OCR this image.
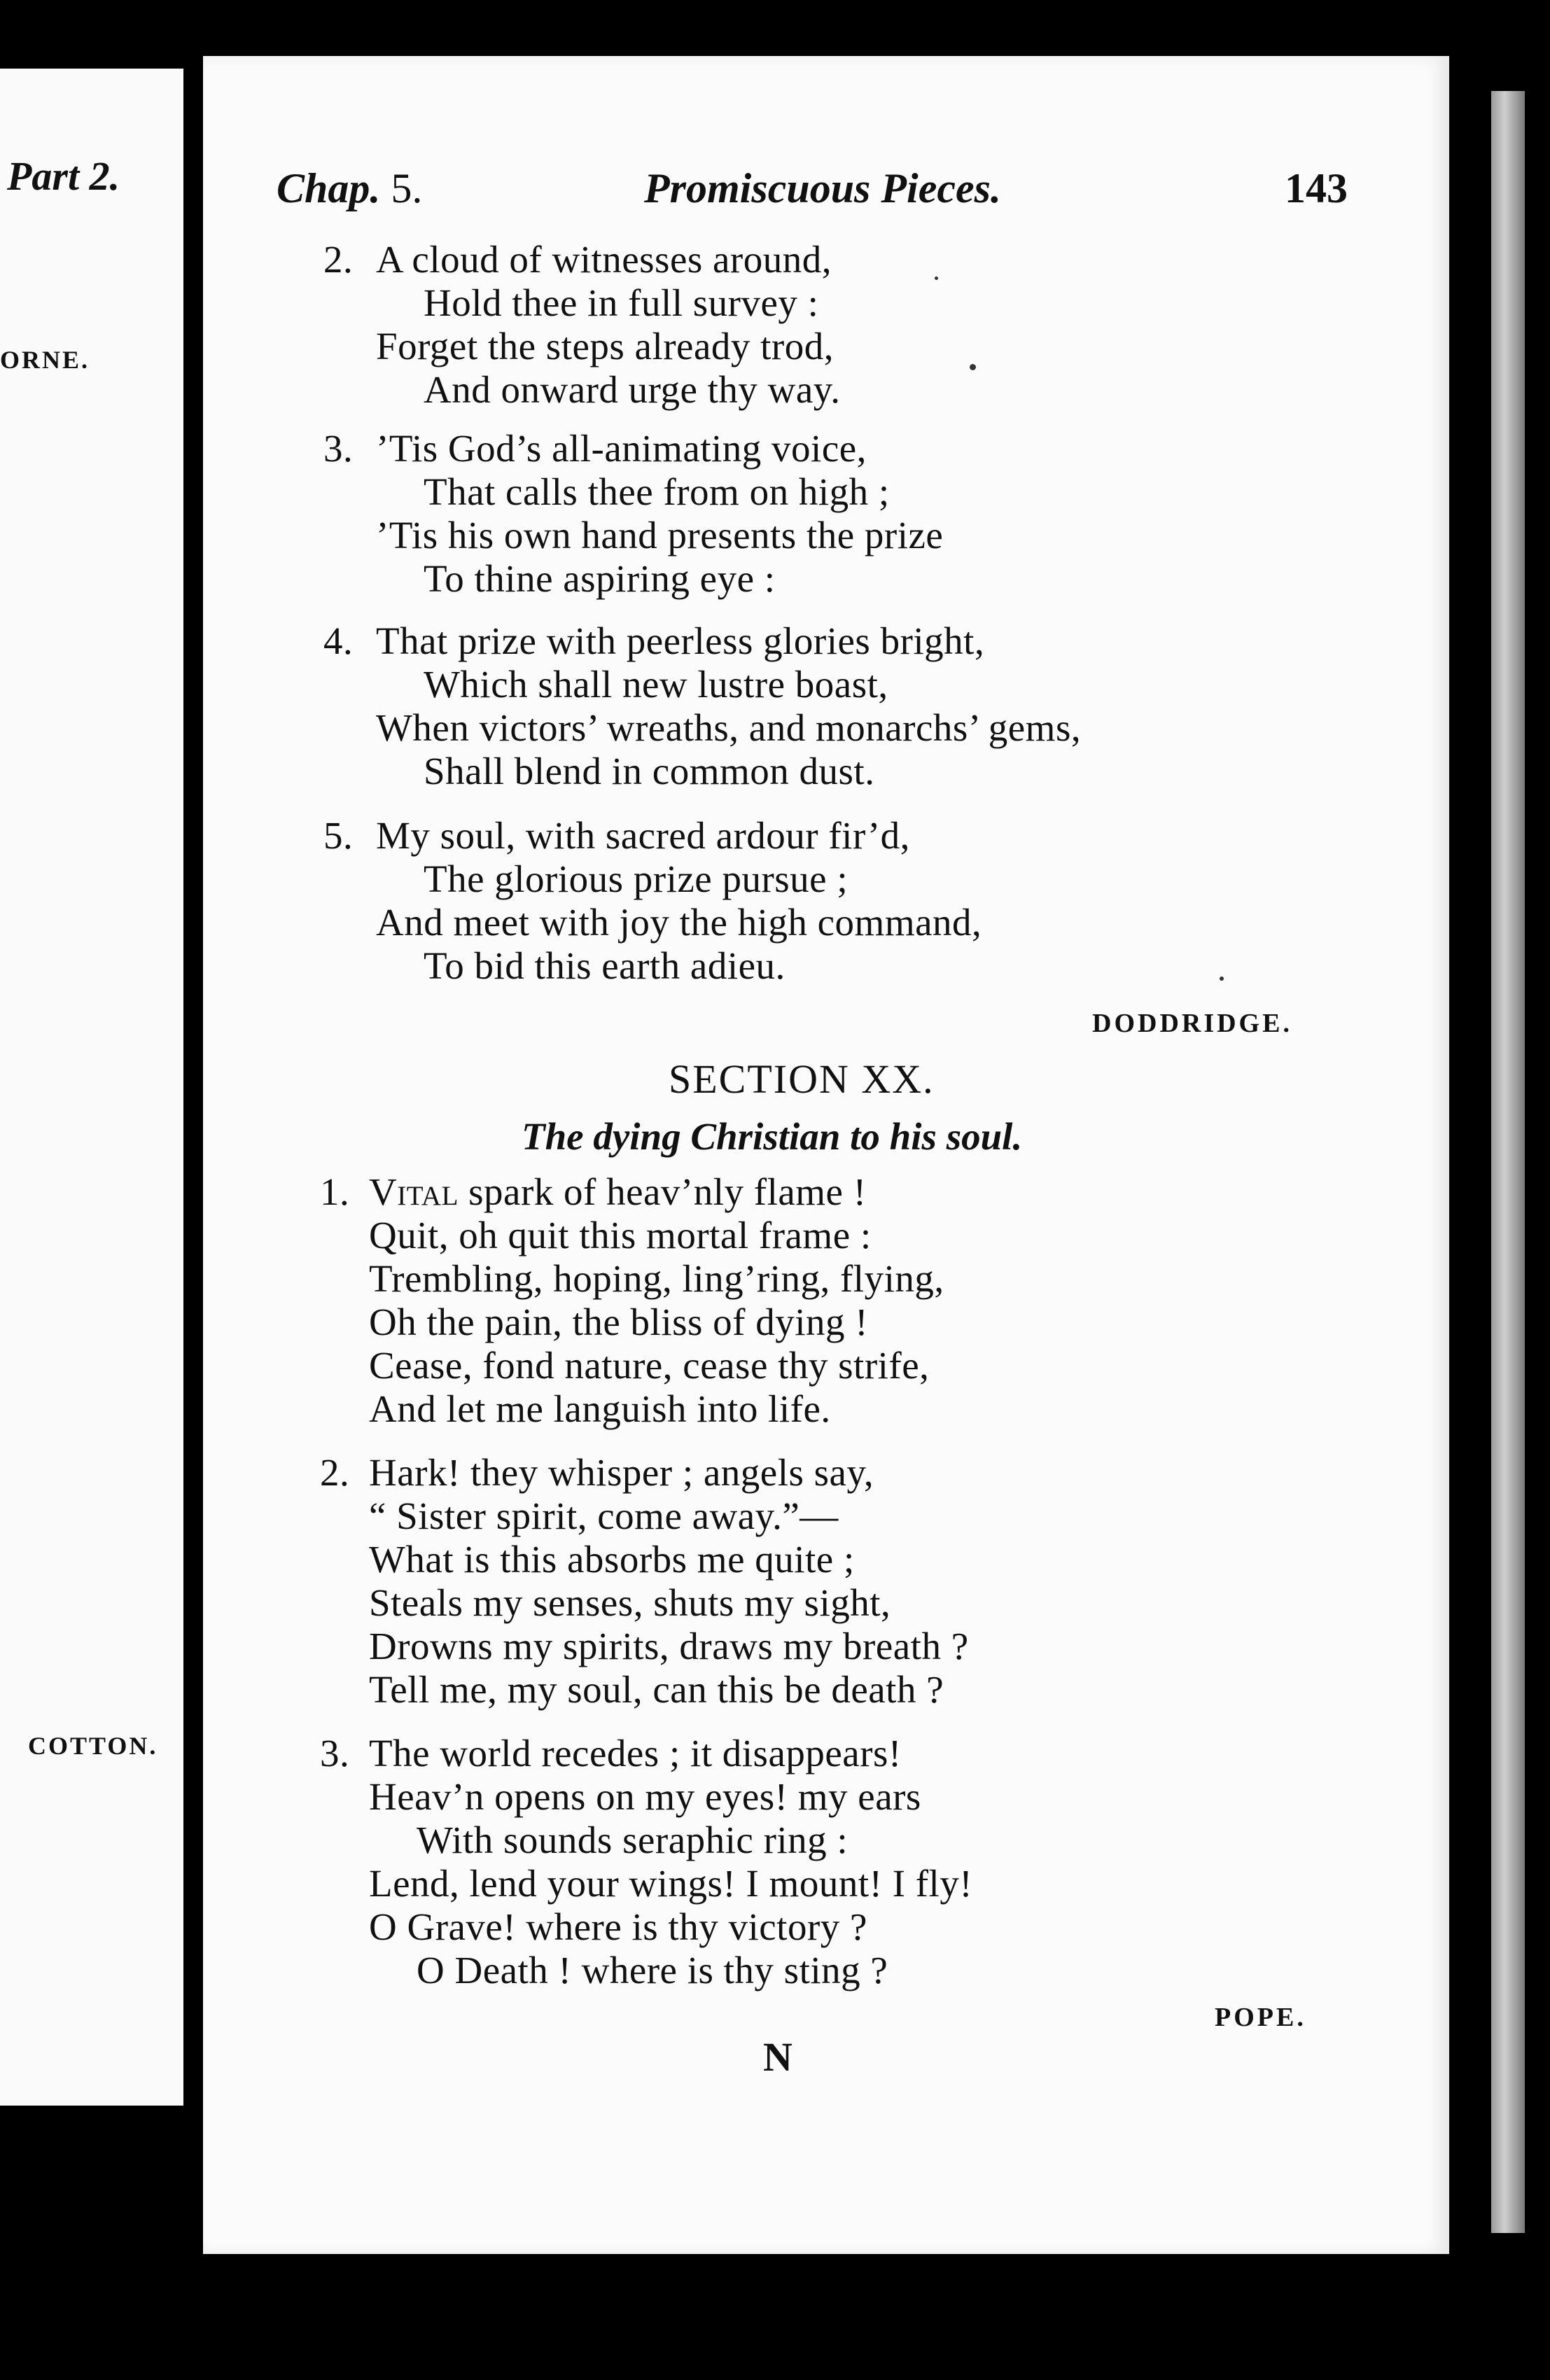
Part 2.
ORNE.
COTTON.
Chap. 5.	Promiscuous Pieces.	143
2. A cloud of witnesses around,
Hold thee in full survey :
Forget the steps already trod,
And onward urge thy way.
3. ’Tis God’s all-animating voice,
That calls thee from on high ;
’Tis his own hand presents the prize
To thine aspiring eye :
4. That prize with peerless glories bright,
Which shall new lustre boast,
When victors’ wreaths, and monarchs’ gems,
Shall blend in common dust.
5. My soul, with sacred ardour fir’d,
The glorious prize pursue ;
And meet with joy the high command,
To bid this earth adieu.
DODDRIDGE.
SECTION XX.
The dying Christian to his soul.
1. Vital spark of heav’nly flame !
Quit, oh quit this mortal frame :
Trembling, hoping, ling’ring, flying,
Oh the pain, the bliss of dying !
Cease, fond nature, cease thy strife,
And let me languish into life.
2. Hark! they whisper ; angels say,
“ Sister spirit, come away.”—
What is this absorbs me quite ;
Steals my senses, shuts my sight,
Drowns my spirits, draws my breath ?
Tell me, my soul, can this be death ?
3. The world recedes ; it disappears!
Heav’n opens on my eyes! my ears
With sounds seraphic ring :
Lend, lend your wings! I mount! I fly!
O Grave! where is thy victory ?
O Death ! where is thy sting ?
POPE.
N
